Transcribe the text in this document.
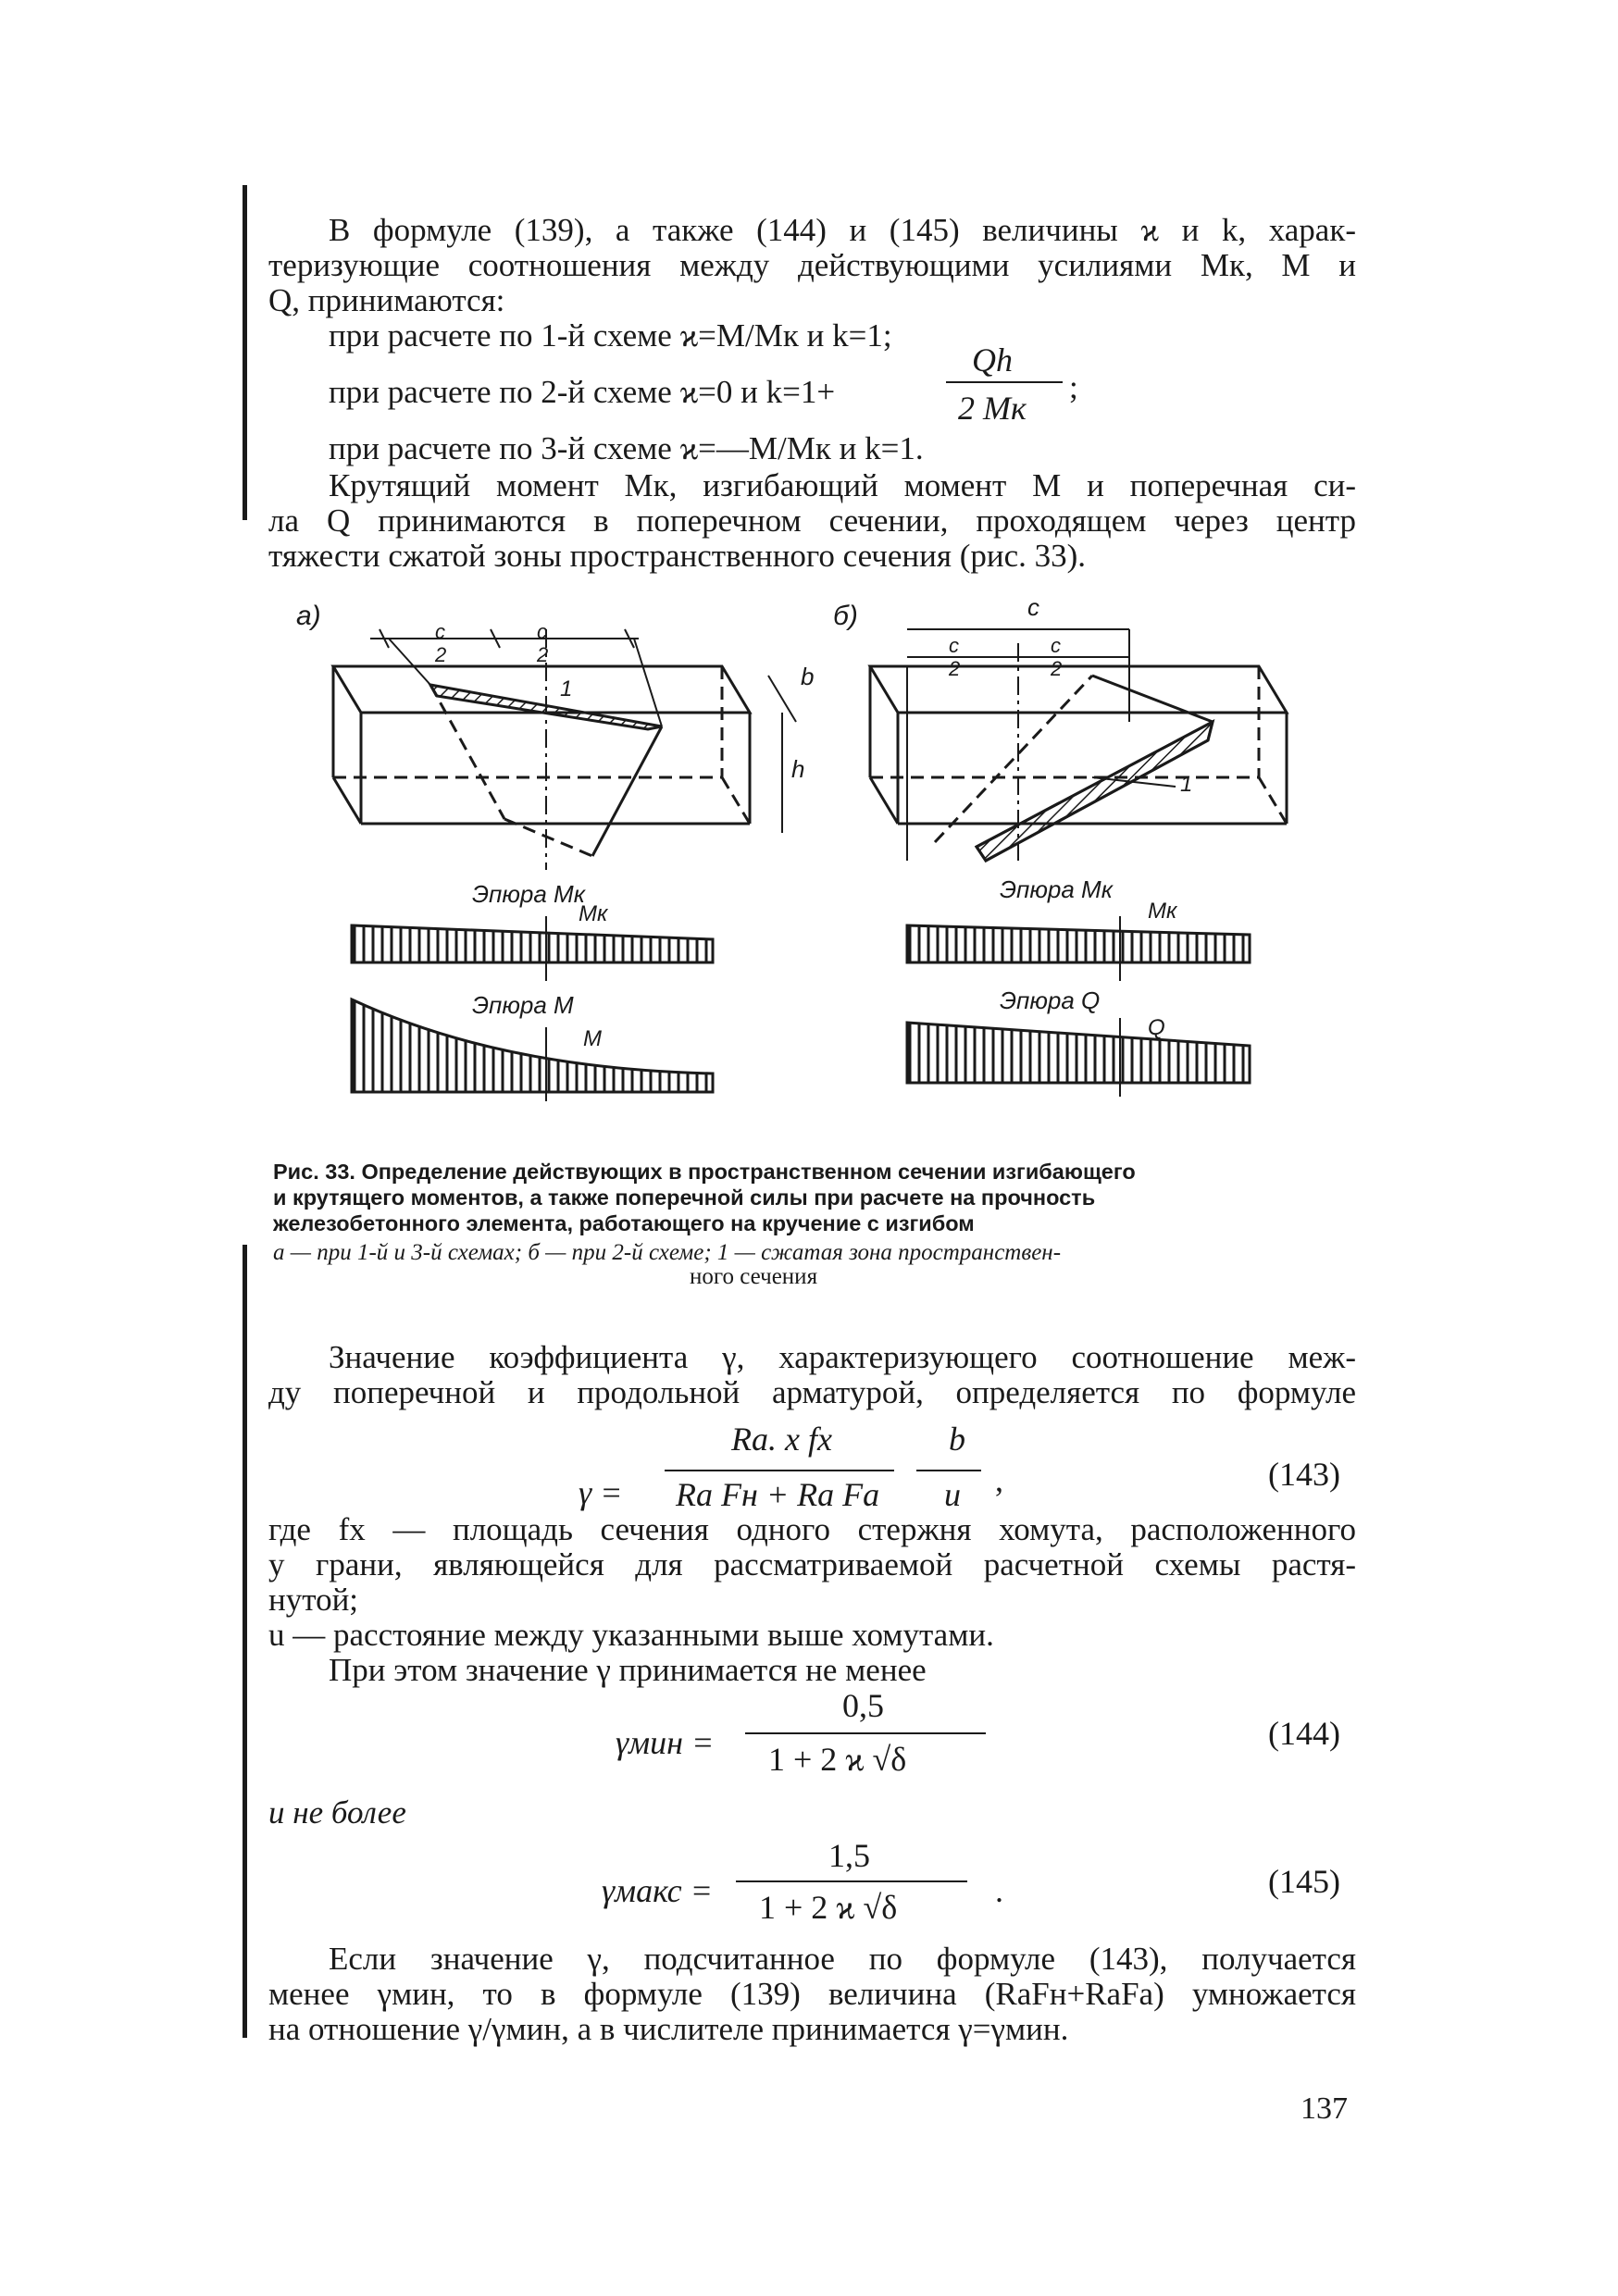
В формуле (139), а также (144) и (145) величины ϰ и k, харак-
теризующие соотношения между действующими усилиями Mк, M и
Q, принимаются:
при расчете по 1-й схеме ϰ=M/Mк и k=1;
при расчете по 2-й схеме ϰ=0 и k=1+
Qh
2 Mк
;
при расчете по 3-й схеме ϰ=—M/Mк и k=1.
Крутящий момент Mк, изгибающий момент M и поперечная си-
ла Q принимаются в поперечном сечении, проходящем через центр
тяжести сжатой зоны пространственного сечения (рис. 33).
а)
c
2
c
2
1	b
h
Эпюра Mк
Mк
Эпюра M
M
б)	c
c
2
c
2
1
Эпюра Mк
Mк
Эпюра Q
Q
Рис. 33. Определение действующих в пространственном сечении изгибающего
и крутящего моментов, а также поперечной силы при расчете на прочность
железобетонного элемента, работающего на кручение с изгибом
а — при 1-й и 3-й схемах; б — при 2-й схеме; 1 — сжатая зона пространствен-
ного сечения
Значение коэффициента γ, характеризующего соотношение меж-
ду поперечной и продольной арматурой, определяется по формуле
γ =
Ra. x fx
Ra Fн + Ra Fa
b
u ,	(143)
где fx — площадь сечения одного стержня хомута, расположенного
у грани, являющейся для рассматриваемой расчетной схемы растя-
нутой;
u — расстояние между указанными выше хомутами.
При этом значение γ принимается не менее
γмин =
0,5
1 + 2 ϰ √δ
(144)
и не более
γмакс =
1,5
1 + 2 ϰ √δ	.	(145)
Если значение γ, подсчитанное по формуле (143), получается
менее γмин, то в формуле (139) величина (RaFн+RaFa) умножается
на отношение γ/γмин, а в числителе принимается γ=γмин.
137
